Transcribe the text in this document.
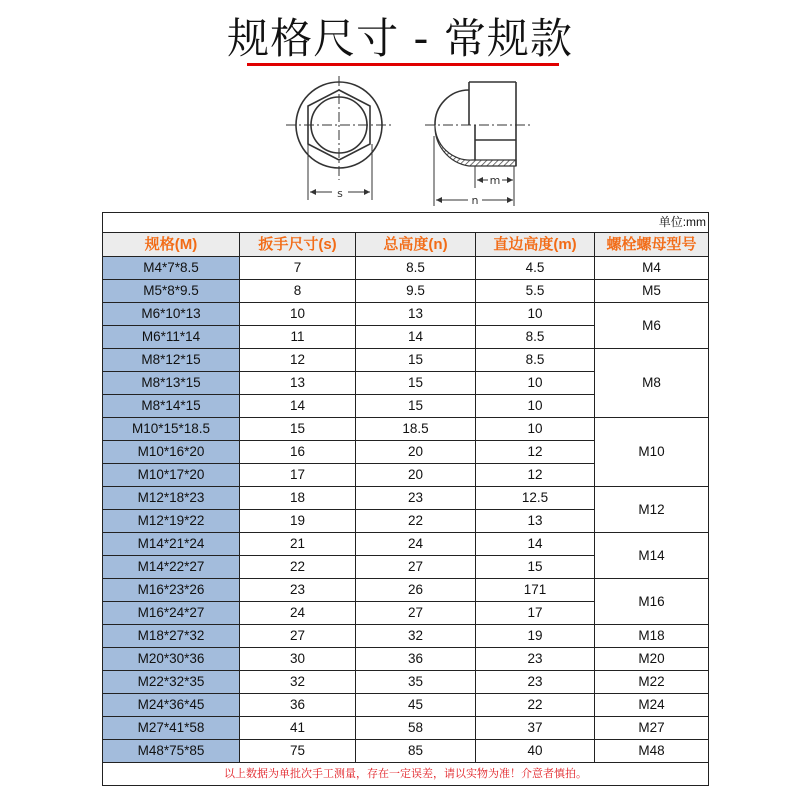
规格尺寸 - 常规款
s
m
n
单位:mm				
规格(M)	扳手尺寸(s)	总高度(n)	直边高度(m)	螺栓螺母型号
M4*7*8.5	7	8.5	4.5	M4
M5*8*9.5	8	9.5	5.5	M5
M6*10*13	10	13	10	M6
M6*11*14	11	14	8.5	
M8*12*15	12	15	8.5	M8
M8*13*15	13	15	10	
M8*14*15	14	15	10	
M10*15*18.5	15	18.5	10	M10
M10*16*20	16	20	12	
M10*17*20	17	20	12	
M12*18*23	18	23	12.5	M12
M12*19*22	19	22	13	
M14*21*24	21	24	14	M14
M14*22*27	22	27	15	
M16*23*26	23	26	171	M16
M16*24*27	24	27	17	
M18*27*32	27	32	19	M18
M20*30*36	30	36	23	M20
M22*32*35	32	35	23	M22
M24*36*45	36	45	22	M24
M27*41*58	41	58	37	M27
M48*75*85	75	85	40	M48
以上数据为单批次手工测量，存在一定误差，请以实物为准！介意者慎拍。				
